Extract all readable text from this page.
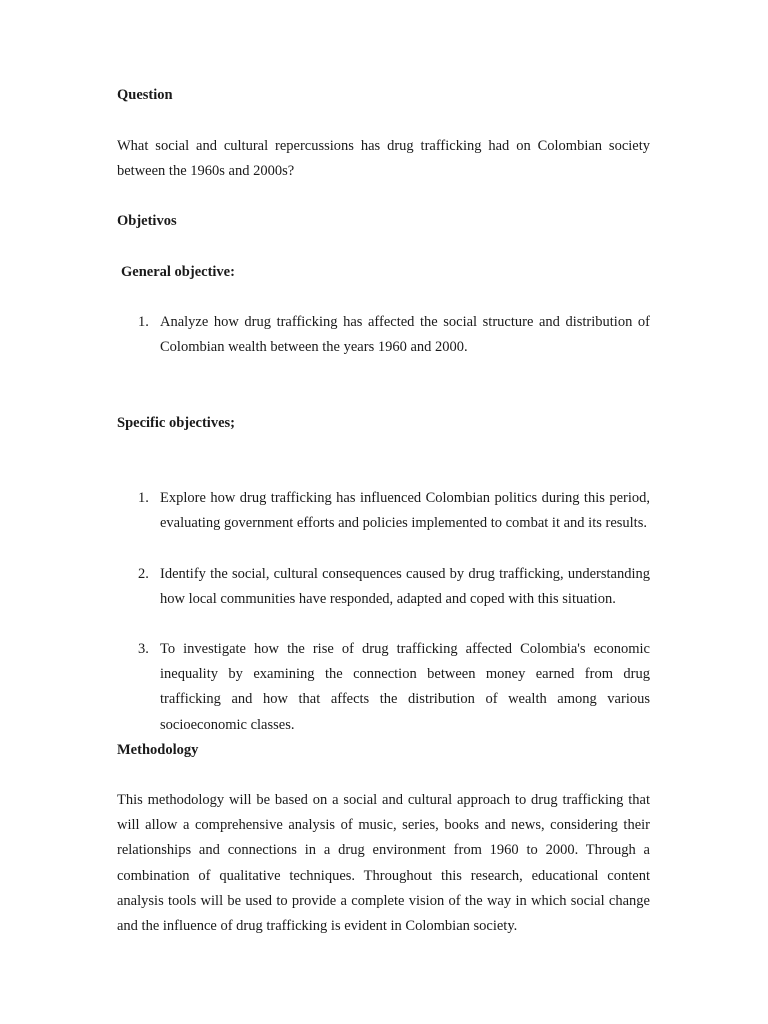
Question

What social and cultural repercussions has drug trafficking had on Colombian society between the 1960s and 2000s?

Objetivos

General objective:

1. Analyze how drug trafficking has affected the social structure and distribution of Colombian wealth between the years 1960 and 2000.

Specific objectives;

1. Explore how drug trafficking has influenced Colombian politics during this period, evaluating government efforts and policies implemented to combat it and its results.
2. Identify the social, cultural consequences caused by drug trafficking, understanding how local communities have responded, adapted and coped with this situation.
3. To investigate how the rise of drug trafficking affected Colombia's economic inequality by examining the connection between money earned from drug trafficking and how that affects the distribution of wealth among various socioeconomic classes.

Methodology

This methodology will be based on a social and cultural approach to drug trafficking that will allow a comprehensive analysis of music, series, books and news, considering their relationships and connections in a drug environment from 1960 to 2000. Through a combination of qualitative techniques. Throughout this research, educational content analysis tools will be used to provide a complete vision of the way in which social change and the influence of drug trafficking is evident in Colombian society.
